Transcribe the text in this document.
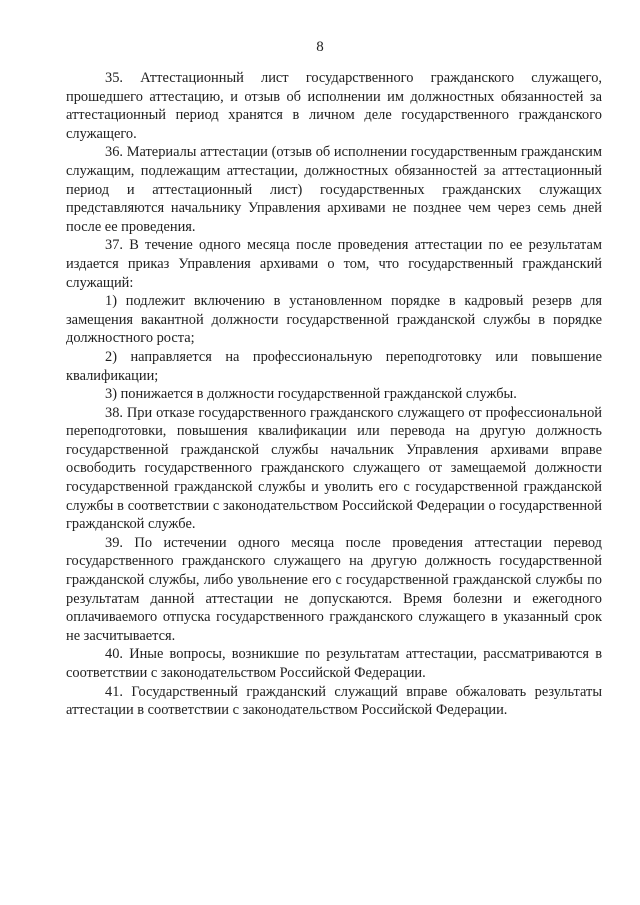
8

35. Аттестационный лист государственного гражданского служащего, прошедшего аттестацию, и отзыв об исполнении им должностных обязанностей за аттестационный период хранятся в личном деле государственного гражданского служащего.

36. Материалы аттестации (отзыв об исполнении государственным гражданским служащим, подлежащим аттестации, должностных обязанностей за аттестационный период и аттестационный лист) государственных гражданских служащих представляются начальнику Управления архивами не позднее чем через семь дней после ее проведения.

37. В течение одного месяца после проведения аттестации по ее результатам издается приказ Управления архивами о том, что государственный гражданский служащий:

1) подлежит включению в установленном порядке в кадровый резерв для замещения вакантной должности государственной гражданской службы в порядке должностного роста;

2) направляется на профессиональную переподготовку или повышение квалификации;

3) понижается в должности государственной гражданской службы.

38. При отказе государственного гражданского служащего от профессиональной переподготовки, повышения квалификации или перевода на другую должность государственной гражданской службы начальник Управления архивами вправе освободить государственного гражданского служащего от замещаемой должности государственной гражданской службы и уволить его с государственной гражданской службы в соответствии с законодательством Российской Федерации о государственной гражданской службе.

39. По истечении одного месяца после проведения аттестации перевод государственного гражданского служащего на другую должность государственной гражданской службы, либо увольнение его с государственной гражданской службы по результатам данной аттестации не допускаются. Время болезни и ежегодного оплачиваемого отпуска государственного гражданского служащего в указанный срок не засчитывается.

40. Иные вопросы, возникшие по результатам аттестации, рассматриваются в соответствии с законодательством Российской Федерации.

41. Государственный гражданский служащий вправе обжаловать результаты аттестации в соответствии с законодательством Российской Федерации.
